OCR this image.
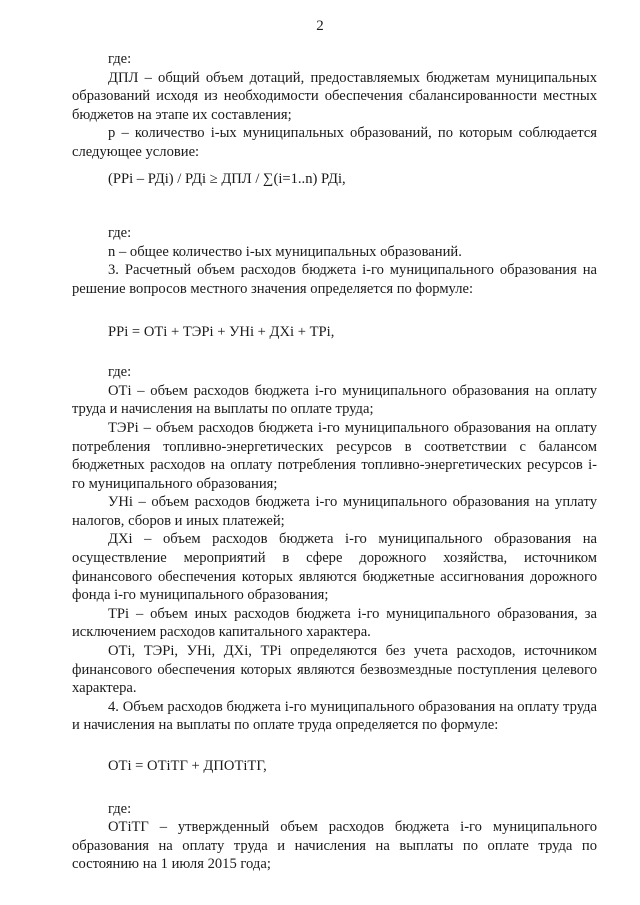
2

где:

ДПЛ – общий объем дотаций, предоставляемых бюджетам муниципальных образований исходя из необходимости обеспечения сбалансированности местных бюджетов на этапе их составления;

p – количество i-ых муниципальных образований, по которым соблюдается следующее условие:

(РРi – РДi) / РДi ≥ ДПЛ / ∑(i=1..n) РДi,

где:

n – общее количество i-ых муниципальных образований.

3. Расчетный объем расходов бюджета i-го муниципального образования на решение вопросов местного значения определяется по формуле:

РРi = ОТi + ТЭРi + УНi + ДХi + ТРi,

где:

ОТi – объем расходов бюджета i-го муниципального образования на оплату труда и начисления на выплаты по оплате труда;

ТЭРi – объем расходов бюджета i-го муниципального образования на оплату потребления топливно-энергетических ресурсов в соответствии с балансом бюджетных расходов на оплату потребления топливно-энергетических ресурсов i-го муниципального образования;

УНi – объем расходов бюджета i-го муниципального образования на уплату налогов, сборов и иных платежей;

ДХi – объем расходов бюджета i-го муниципального образования на осуществление мероприятий в сфере дорожного хозяйства, источником финансового обеспечения которых являются бюджетные ассигнования дорожного фонда i-го муниципального образования;

ТРi – объем иных расходов бюджета i-го муниципального образования, за исключением расходов капитального характера.

ОТi, ТЭРi, УНi, ДХi, ТРi определяются без учета расходов, источником финансового обеспечения которых являются безвозмездные поступления целевого характера.

4. Объем расходов бюджета i-го муниципального образования на оплату труда и начисления на выплаты по оплате труда определяется по формуле:

ОТi = ОТiТГ + ДПОТiТГ,

где:

ОТiТГ – утвержденный объем расходов бюджета i-го муниципального образования на оплату труда и начисления на выплаты по оплате труда по состоянию на 1 июля 2015 года;
